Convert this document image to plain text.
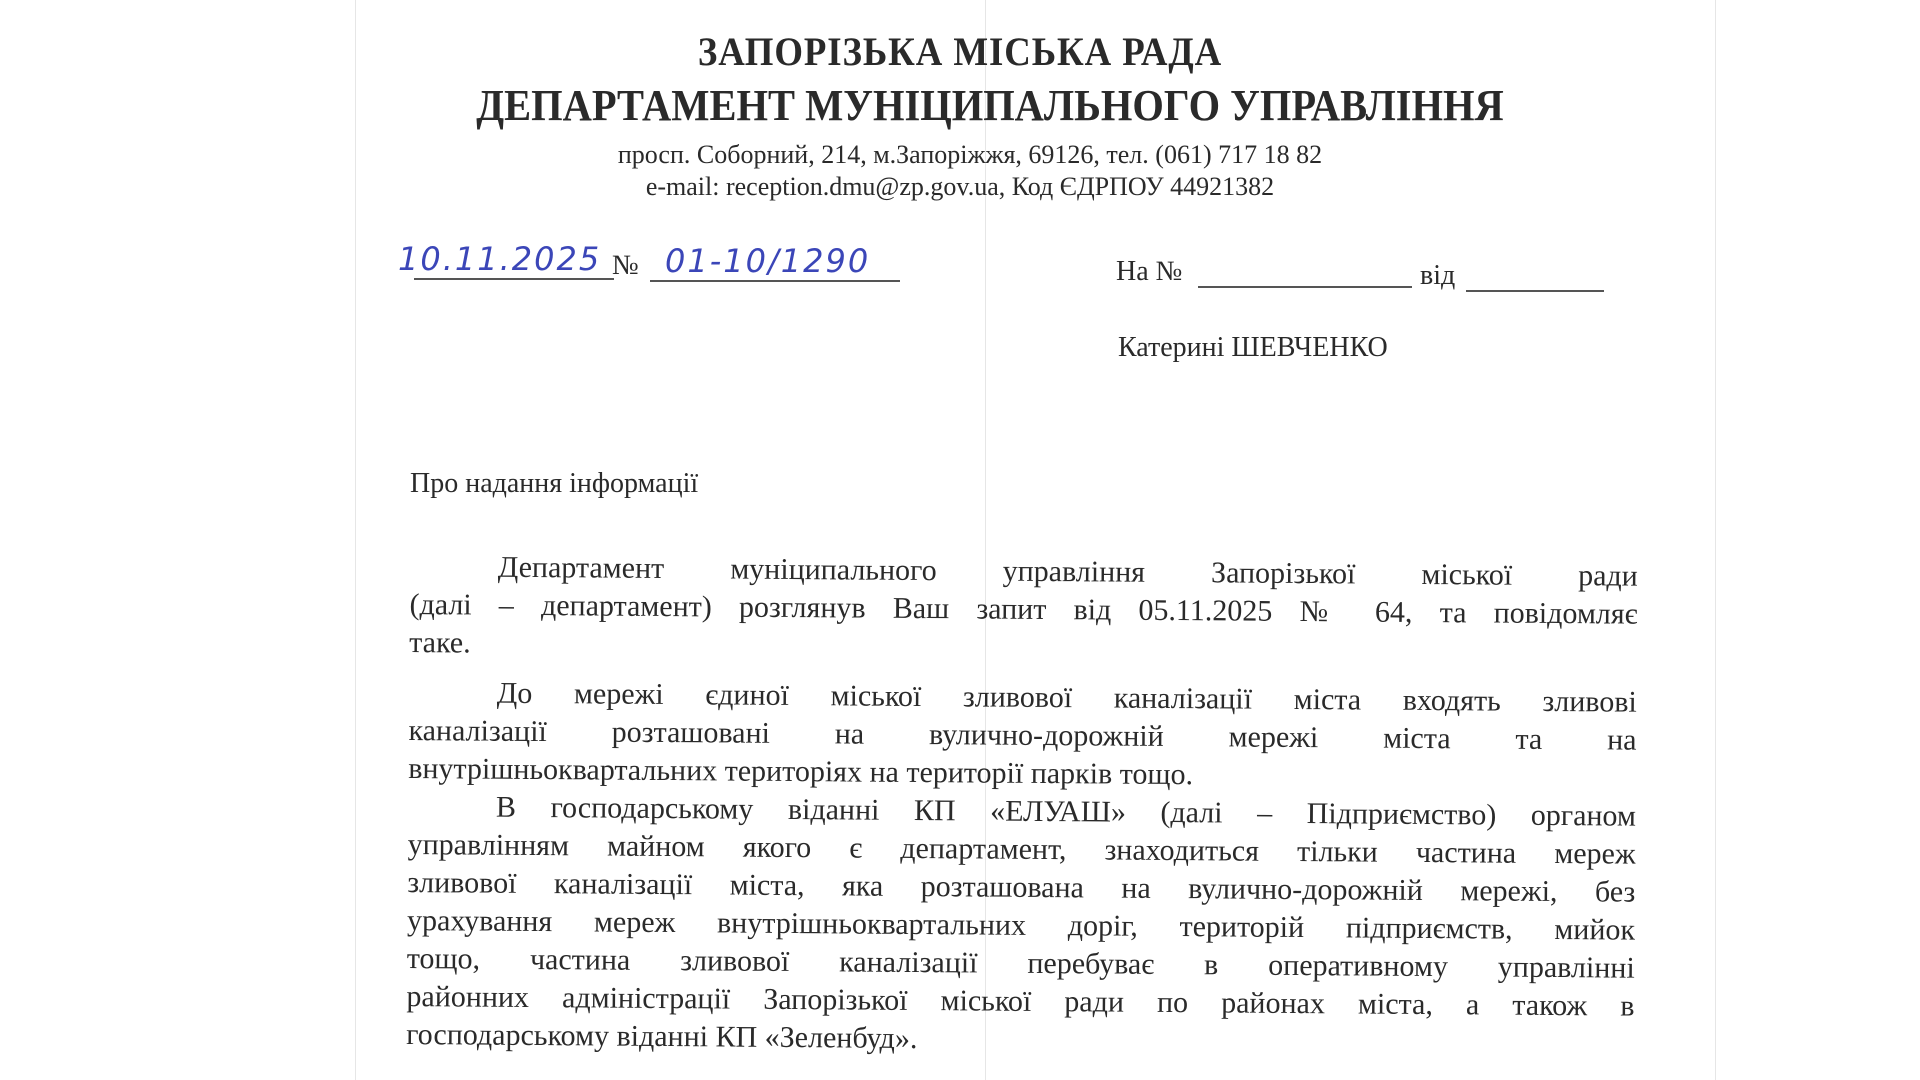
ЗАПОРІЗЬКА МІСЬКА РАДА
ДЕПАРТАМЕНТ МУНІЦИПАЛЬНОГО УПРАВЛІННЯ
просп. Соборний, 214, м.Запоріжжя, 69126, тел. (061) 717 18 82
e-mail: reception.dmu@zp.gov.ua, Код ЄДРПОУ 44921382
10.11.2025 № 01-10/1290	На №	від
Катерині ШЕВЧЕНКО
Про надання інформації
Департамент муніципального управління Запорізької міської ради
(далі – департамент) розглянув Ваш запит від 05.11.2025 № 64, та повідомляє
таке.
До мережі єдиної міської зливової каналізації міста входять зливові
каналізації розташовані на вулично-дорожній мережі міста та на
внутрішньоквартальних територіях на території парків тощо.
В господарському віданні КП «ЕЛУАШ» (далі – Підприємство) органом
управлінням майном якого є департамент, знаходиться тільки частина мереж
зливової каналізації міста, яка розташована на вулично-дорожній мережі, без
урахування мереж внутрішньоквартальних доріг, територій підприємств, мийок
тощо, частина зливової каналізації перебуває в оперативному управлінні
районних адміністрації Запорізької міської ради по районах міста, а також в
господарському віданні КП «Зеленбуд».
